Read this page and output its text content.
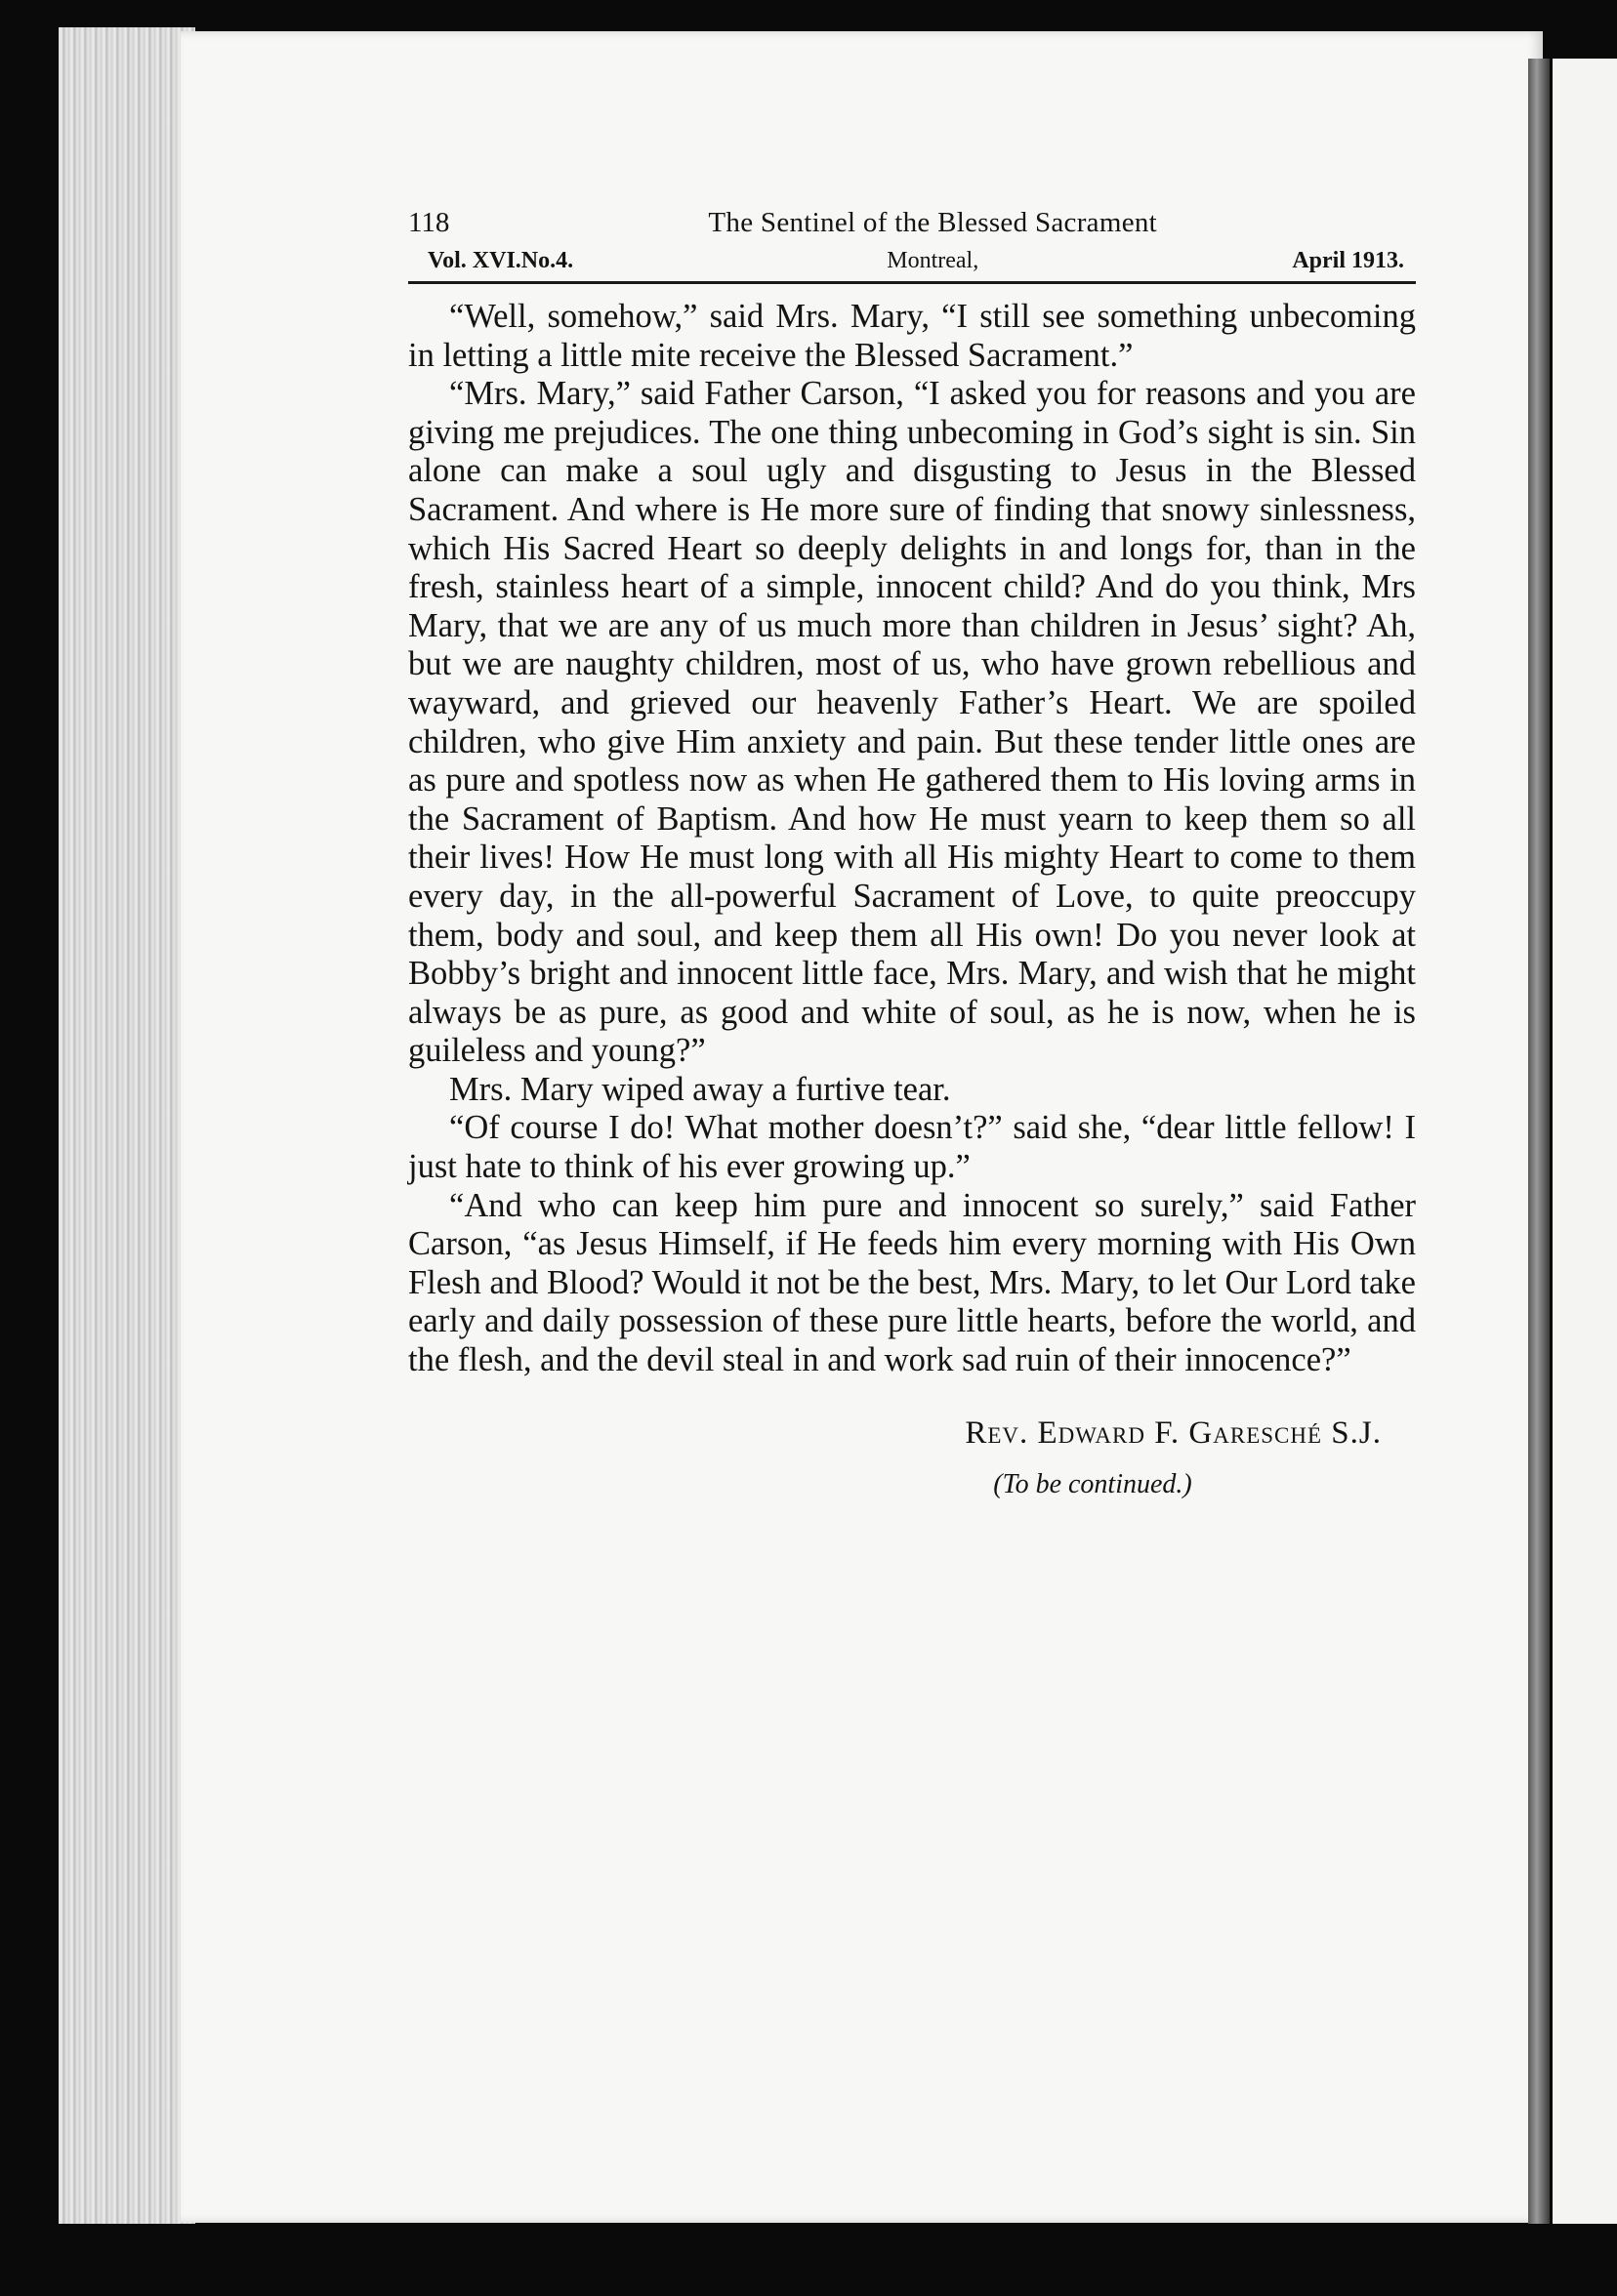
118	The Sentinel of the Blessed Sacrament
Vol. XVI.No.4.	Montreal,	April 1913.

“Well, somehow,” said Mrs. Mary, “I still see something unbecoming in letting a little mite receive the Blessed Sacrament.”

“Mrs. Mary,” said Father Carson, “I asked you for reasons and you are giving me prejudices. The one thing unbecoming in God’s sight is sin. Sin alone can make a soul ugly and disgusting to Jesus in the Blessed Sacrament. And where is He more sure of finding that snowy sinlessness, which His Sacred Heart so deeply delights in and longs for, than in the fresh, stainless heart of a simple, innocent child? And do you think, Mrs Mary, that we are any of us much more than children in Jesus’ sight? Ah, but we are naughty children, most of us, who have grown rebellious and wayward, and grieved our heavenly Father’s Heart. We are spoiled children, who give Him anxiety and pain. But these tender little ones are as pure and spotless now as when He gathered them to His loving arms in the Sacrament of Baptism. And how He must yearn to keep them so all their lives! How He must long with all His mighty Heart to come to them every day, in the all-powerful Sacrament of Love, to quite preoccupy them, body and soul, and keep them all His own! Do you never look at Bobby’s bright and innocent little face, Mrs. Mary, and wish that he might always be as pure, as good and white of soul, as he is now, when he is guileless and young?”

Mrs. Mary wiped away a furtive tear.

“Of course I do! What mother doesn’t?” said she, “dear little fellow! I just hate to think of his ever growing up.”

“And who can keep him pure and innocent so surely,” said Father Carson, “as Jesus Himself, if He feeds him every morning with His Own Flesh and Blood? Would it not be the best, Mrs. Mary, to let Our Lord take early and daily possession of these pure little hearts, before the world, and the flesh, and the devil steal in and work sad ruin of their innocence?”

Rev. Edward F. Garesché S.J.
(To be continued.)
